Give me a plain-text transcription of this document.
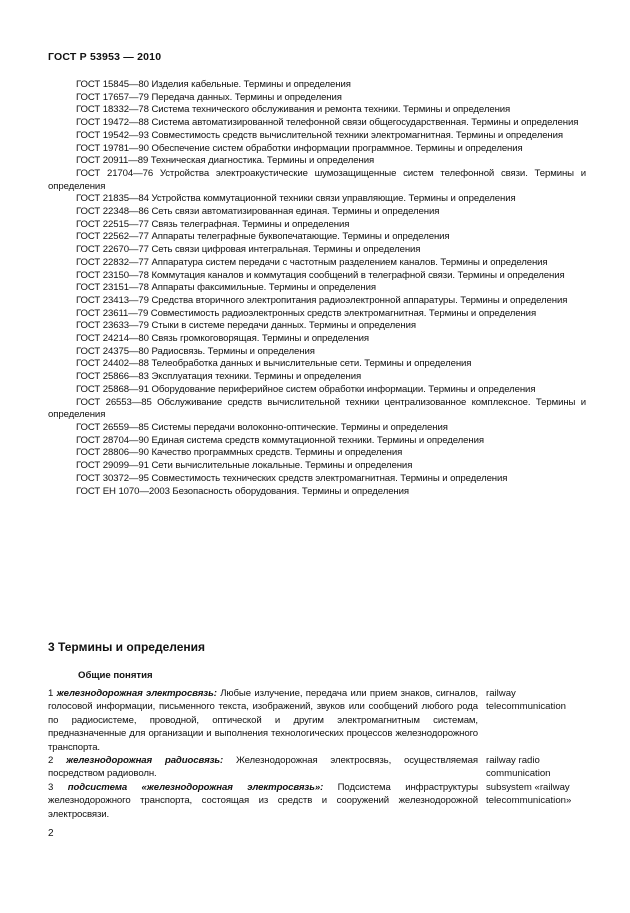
ГОСТ Р 53953 — 2010
ГОСТ 15845—80 Изделия кабельные. Термины и определения
ГОСТ 17657—79 Передача данных. Термины и определения
ГОСТ 18332—78 Система технического обслуживания и ремонта техники. Термины и определения
ГОСТ 19472—88 Система автоматизированной телефонной связи общегосударственная. Термины и определения
ГОСТ 19542—93 Совместимость средств вычислительной техники электромагнитная. Термины и определения
ГОСТ 19781—90 Обеспечение систем обработки информации программное. Термины и определения
ГОСТ 20911—89 Техническая диагностика. Термины и определения
ГОСТ 21704—76 Устройства электроакустические шумозащищенные систем телефонной связи. Термины и определения
ГОСТ 21835—84 Устройства коммутационной техники связи управляющие. Термины и определения
ГОСТ 22348—86 Сеть связи автоматизированная единая. Термины и определения
ГОСТ 22515—77 Связь телеграфная. Термины и определения
ГОСТ 22562—77 Аппараты телеграфные буквопечатающие. Термины и определения
ГОСТ 22670—77 Сеть связи цифровая интегральная. Термины и определения
ГОСТ 22832—77 Аппаратура систем передачи с частотным разделением каналов. Термины и определения
ГОСТ 23150—78 Коммутация каналов и коммутация сообщений в телеграфной связи. Термины и определения
ГОСТ 23151—78 Аппараты факсимильные. Термины и определения
ГОСТ 23413—79 Средства вторичного электропитания радиоэлектронной аппаратуры. Термины и определения
ГОСТ 23611—79 Совместимость радиоэлектронных средств электромагнитная. Термины и определения
ГОСТ 23633—79 Стыки в системе передачи данных. Термины и определения
ГОСТ 24214—80 Связь громкоговорящая. Термины и определения
ГОСТ 24375—80 Радиосвязь. Термины и определения
ГОСТ 24402—88 Телеобработка данных и вычислительные сети. Термины и определения
ГОСТ 25866—83 Эксплуатация техники. Термины и определения
ГОСТ 25868—91 Оборудование периферийное систем обработки информации. Термины и определения
ГОСТ 26553—85 Обслуживание средств вычислительной техники централизованное комплексное. Термины и определения
ГОСТ 26559—85 Системы передачи волоконно-оптические. Термины и определения
ГОСТ 28704—90 Единая система средств коммутационной техники. Термины и определения
ГОСТ 28806—90 Качество программных средств. Термины и определения
ГОСТ 29099—91 Сети вычислительные локальные. Термины и определения
ГОСТ 30372—95 Совместимость технических средств электромагнитная. Термины и определения
ГОСТ ЕН 1070—2003 Безопасность оборудования. Термины и определения
3 Термины и определения
Общие понятия
1 железнодорожная электросвязь: Любые излучение, передача или прием знаков, сигналов, голосовой информации, письменного текста, изображений, звуков или сообщений любого рода по радиосистеме, проводной, оптической и другим электромагнитным системам, предназначенные для организации и выполнения технологических процессов железнодорожного транспорта.
railway telecommunication
2 железнодорожная радиосвязь: Железнодорожная электросвязь, осуществляемая посредством радиоволн.
railway radio communication
3 подсистема «железнодорожная электросвязь»: Подсистема инфраструктуры железнодорожного транспорта, состоящая из средств и сооружений железнодорожной электросвязи.
subsystem «railway telecommunication»
2
